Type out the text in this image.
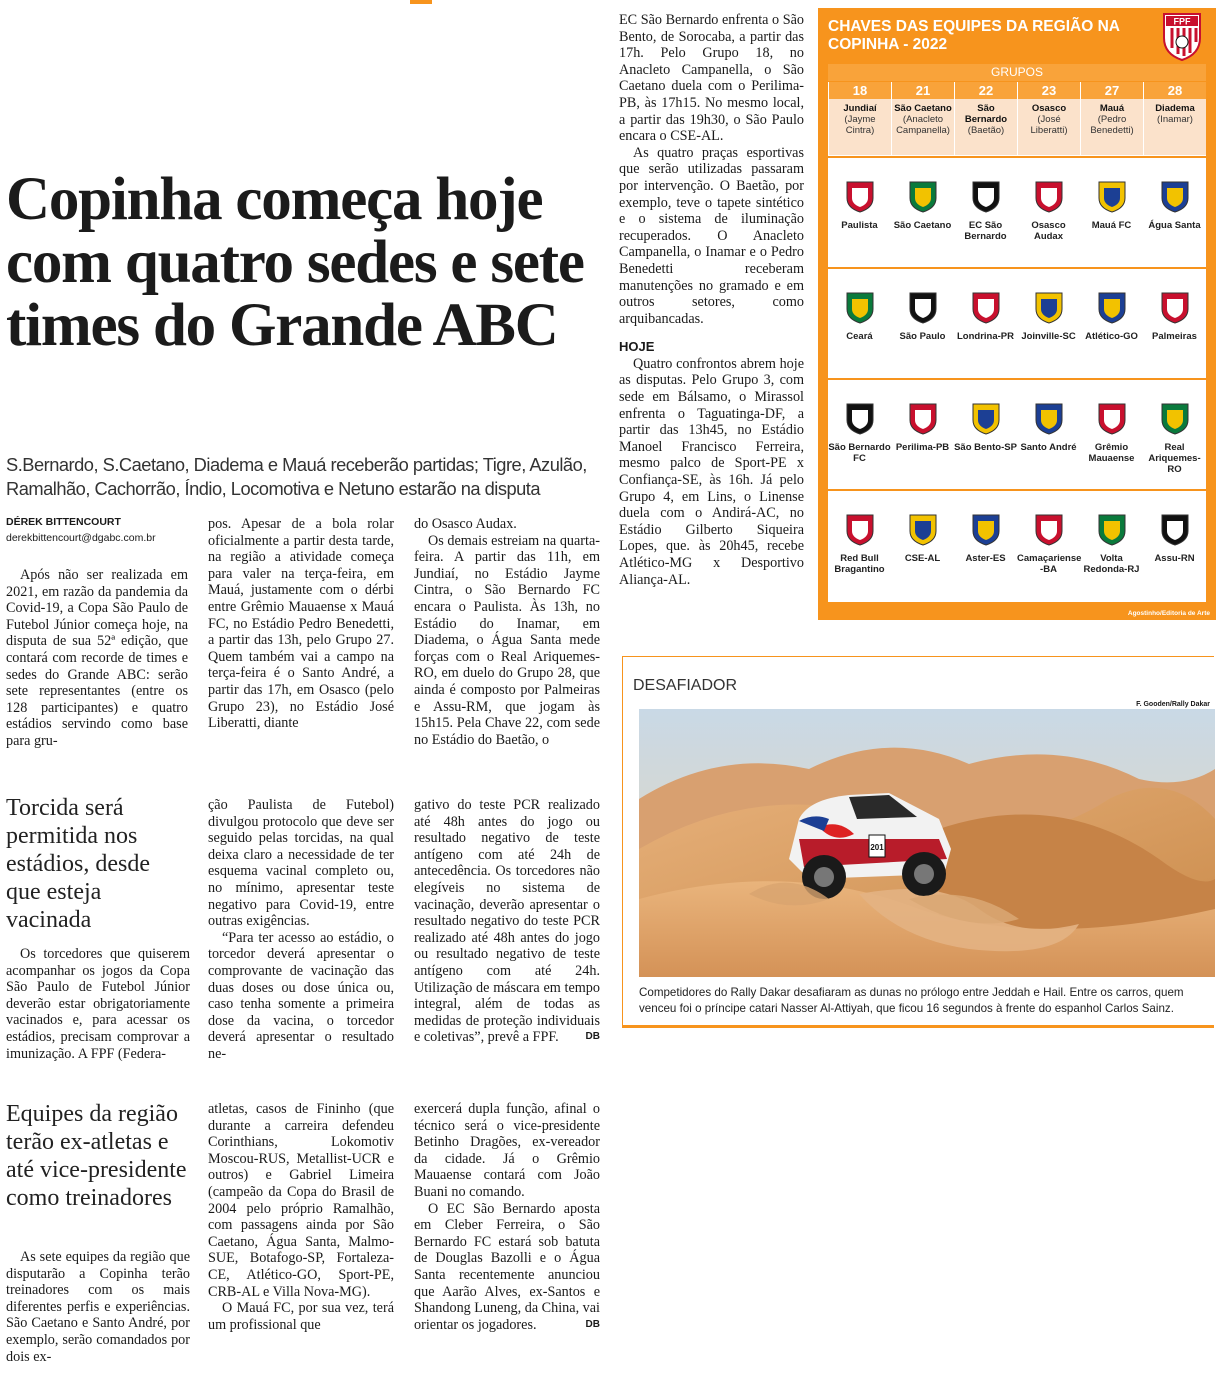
Copinha começa hoje com quatro sedes e sete times do Grande ABC
S.Bernardo, S.Caetano, Diadema e Mauá receberão partidas; Tigre, Azulão, Ramalhão, Cachorrão, Índio, Locomotiva e Netuno estarão na disputa
DÉREK BITTENCOURT
derekbittencourt@dgabc.com.br

Após não ser realizada em 2021, em razão da pandemia da Covid-19, a Copa São Paulo de Futebol Júnior começa hoje, na disputa de sua 52ª edição, que contará com recorde de times e sedes do Grande ABC: serão sete representantes (entre os 128 participantes) e quatro estádios servindo como base para gru-

pos. Apesar de a bola rolar oficialmente a partir desta tarde, na região a atividade começa para valer na terça-feira, em Mauá, justamente com o dérbi entre Grêmio Mauaense x Mauá FC, no Estádio Pedro Benedetti, a partir das 13h, pelo Grupo 27. Quem também vai a campo na terça-feira é o Santo André, a partir das 17h, em Osasco (pelo Grupo 23), no Estádio José Liberatti, diante

do Osasco Audax.

Os demais estreiam na quarta-feira. A partir das 11h, em Jundiaí, no Estádio Jayme Cintra, o São Bernardo FC encara o Paulista. Às 13h, no Estádio do Inamar, em Diadema, o Água Santa mede forças com o Real Ariquemes-RO, em duelo do Grupo 28, que ainda é composto por Palmeiras e Assu-RM, que jogam às 15h15. Pela Chave 22, com sede no Estádio do Baetão, o

EC São Bernardo enfrenta o São Bento, de Sorocaba, a partir das 17h. Pelo Grupo 18, no Anacleto Campanella, o São Caetano duela com o Perilima-PB, às 17h15. No mesmo local, a partir das 19h30, o São Paulo encara o CSE-AL.

As quatro praças esportivas que serão utilizadas passaram por intervenção. O Baetão, por exemplo, teve o tapete sintético e o sistema de iluminação recuperados. O Anacleto Campanella, o Inamar e o Pedro Benedetti receberam manutenções no gramado e em outros setores, como arquibancadas.

HOJE

Quatro confrontos abrem hoje as disputas. Pelo Grupo 3, com sede em Bálsamo, o Mirassol enfrenta o Taguatinga-DF, a partir das 13h45, no Estádio Manoel Francisco Ferreira, mesmo palco de Sport-PE x Confiança-SE, às 16h. Já pelo Grupo 4, em Lins, o Linense duela com o Andirá-AC, no Estádio Gilberto Siqueira Lopes, que. às 20h45, recebe Atlético-MG x Desportivo Aliança-AL.

Torcida será permitida nos estádios, desde que esteja vacinada

Os torcedores que quiserem acompanhar os jogos da Copa São Paulo de Futebol Júnior deverão estar obrigatoriamente vacinados e, para acessar os estádios, precisam comprovar a imunização. A FPF (Federa-

ção Paulista de Futebol) divulgou protocolo que deve ser seguido pelas torcidas, na qual deixa claro a necessidade de ter esquema vacinal completo ou, no mínimo, apresentar teste negativo para Covid-19, entre outras exigências.

“Para ter acesso ao estádio, o torcedor deverá apresentar o comprovante de vacinação das duas doses ou dose única ou, caso tenha somente a primeira dose da vacina, o torcedor deverá apresentar o resultado ne-

gativo do teste PCR realizado até 48h antes do jogo ou resultado negativo de teste antígeno com até 24h de antecedência. Os torcedores não elegíveis no sistema de vacinação, deverão apresentar o resultado negativo do teste PCR realizado até 48h antes do jogo ou resultado negativo de teste antígeno com até 24h. Utilização de máscara em tempo integral, além de todas as medidas de proteção individuais e coletivas”, prevê a FPF.	DB

Equipes da região terão ex-atletas e até vice-presidente como treinadores

As sete equipes da região que disputarão a Copinha terão treinadores com os mais diferentes perfis e experiências. São Caetano e Santo André, por exemplo, serão comandados por dois ex-

atletas, casos de Fininho (que durante a carreira defendeu Corinthians, Lokomotiv Moscou-RUS, Metallist-UCR e outros) e Gabriel Limeira (campeão da Copa do Brasil de 2004 pelo próprio Ramalhão, com passagens ainda por São Caetano, Água Santa, Malmo-SUE, Botafogo-SP, Fortaleza-CE, Atlético-GO, Sport-PE, CRB-AL e Villa Nova-MG).

O Mauá FC, por sua vez, terá um profissional que

exercerá dupla função, afinal o técnico será o vice-presidente Betinho Dragões, ex-vereador da cidade. Já o Grêmio Mauaense contará com João Buani no comando.

O EC São Bernardo aposta em Cleber Ferreira, o São Bernardo FC estará sob batuta de Douglas Bazolli e o Água Santa recentemente anunciou que Aarão Alves, ex-Santos e Shandong Luneng, da China, vai orientar os jogadores.	DB

CHAVES DAS EQUIPES DA REGIÃO NA COPINHA - 2022
FPF
GRUPOS
18
Jundiaí
(Jayme Cintra)
Paulista
Ceará
São Bernardo FC
Red Bull Bragantino
21
São Caetano
(Anacleto Campanella)
São Caetano
São Paulo
Perilima-PB
CSE-AL
22
São Bernardo
(Baetão)
EC São Bernardo
Londrina-PR
São Bento-SP
Aster-ES
23
Osasco
(José Liberatti)
Osasco Audax
Joinville-SC
Santo André
Camaçariense -BA
27
Mauá
(Pedro Benedetti)
Mauá FC
Atlético-GO
Grêmio Mauaense
Volta Redonda-RJ
28
Diadema
(Inamar)
Água Santa
Palmeiras
Real Ariquemes-RO
Assu-RN
Agostinho/Editoria de Arte
DESAFIADOR
F. Gooden/Rally Dakar
201
Competidores do Rally Dakar desafiaram as dunas no prólogo entre Jeddah e Hail. Entre os carros, quem venceu foi o príncipe catari Nasser Al-Attiyah, que ficou 16 segundos à frente do espanhol Carlos Sainz.
